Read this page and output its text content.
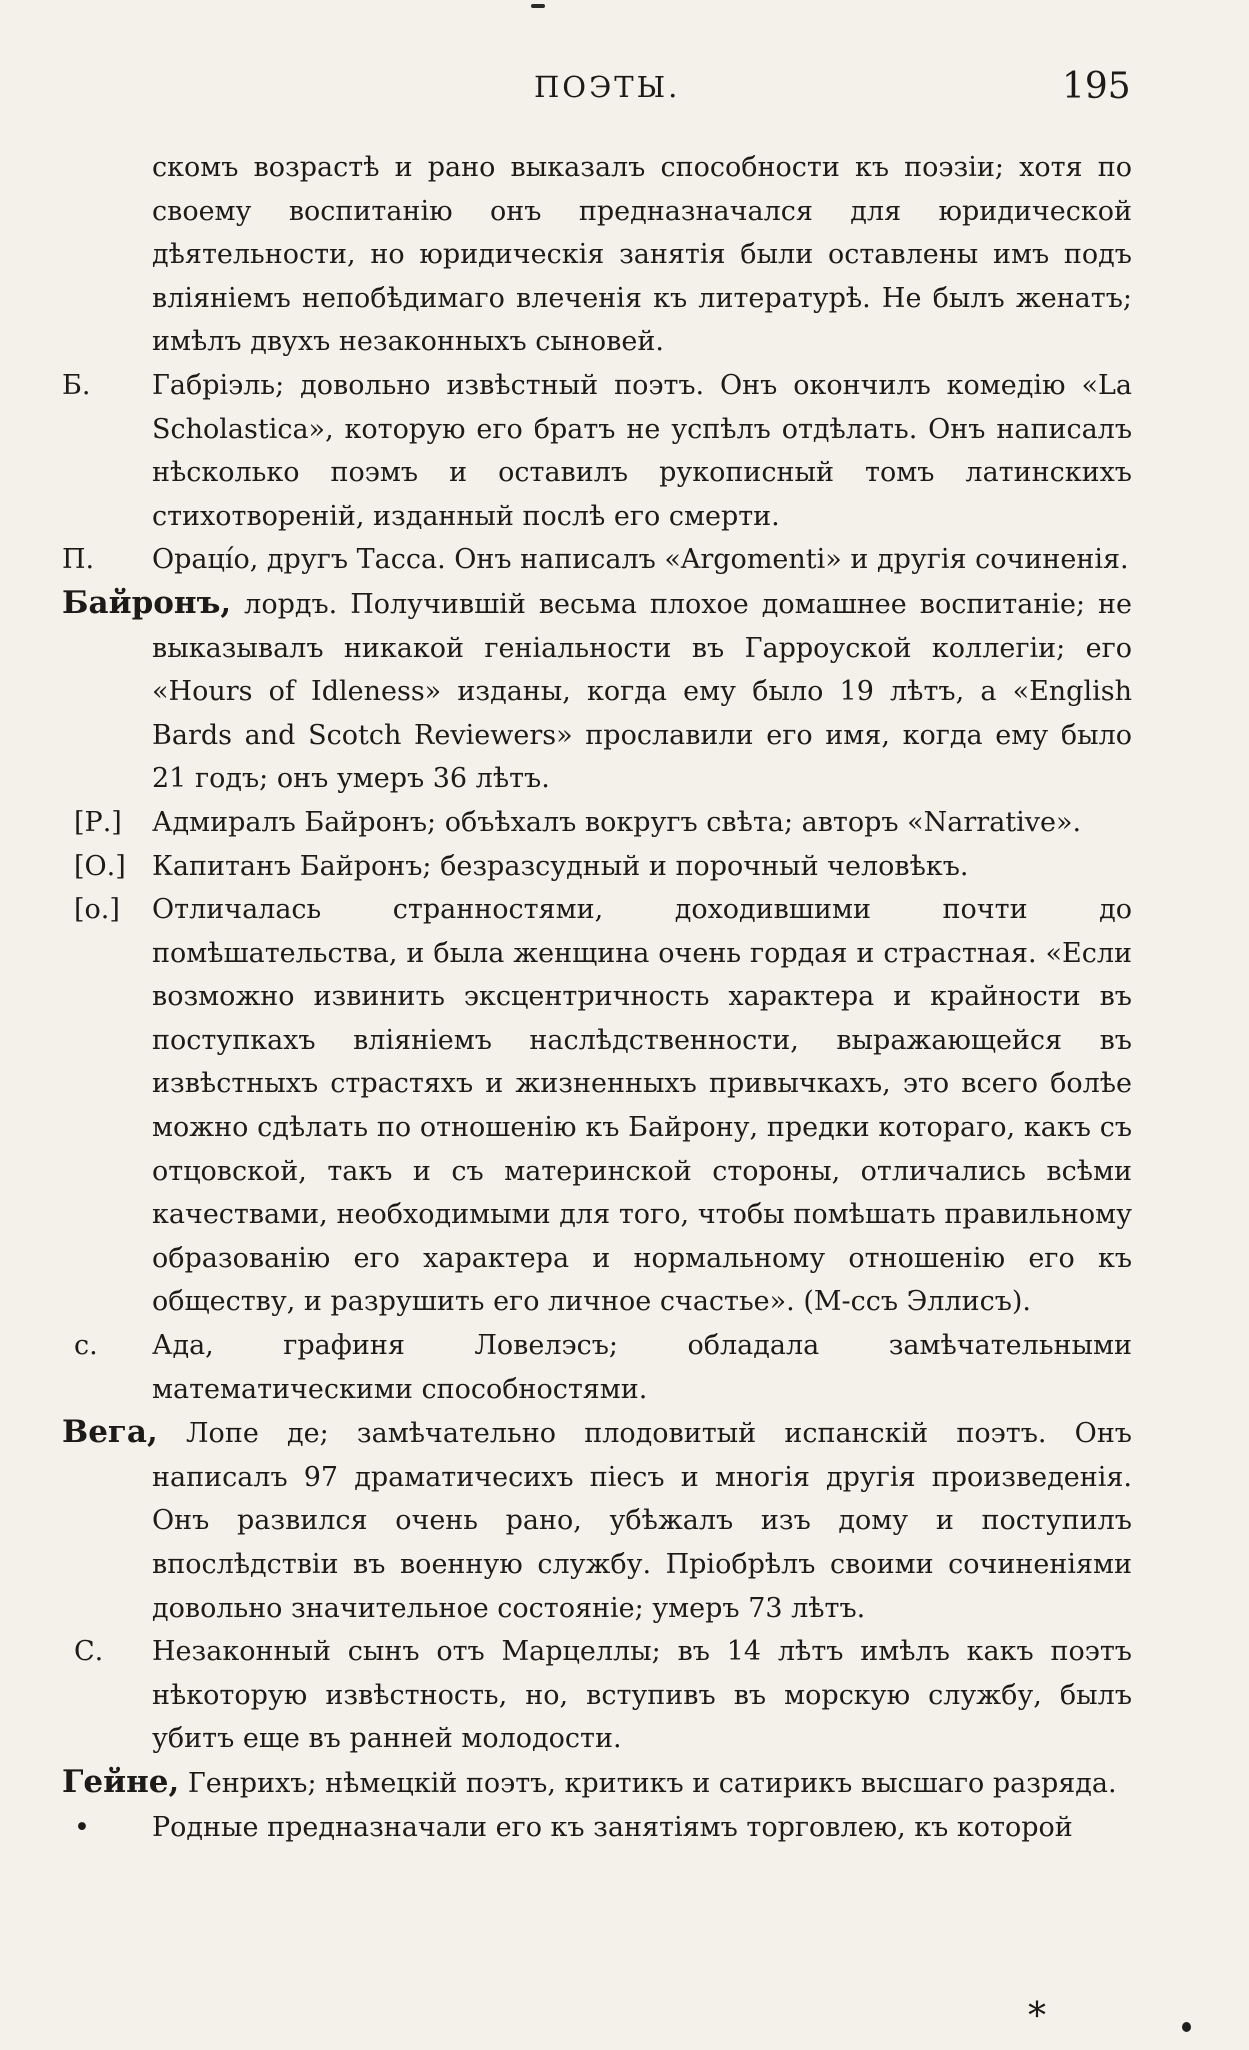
ПОЭТЫ.	195

скомъ возрастѣ и рано выказалъ способности къ поэзіи; хотя по своему воспитанію онъ предназначался для юридической дѣятельности, но юридическія занятія были оставлены имъ подъ вліяніемъ непобѣдимаго влеченія къ литературѣ. Не былъ женатъ; имѣлъ двухъ незаконныхъ сыновей.

Б.	Габріэль; довольно извѣстный поэтъ. Онъ окончилъ комедію «La Scholastica», которую его братъ не успѣлъ отдѣлать. Онъ написалъ нѣсколько поэмъ и оставилъ рукописный томъ латинскихъ стихотвореній, изданный послѣ его смерти.

П.	Орацío, другъ Тасса. Онъ написалъ «Argomenti» и другія сочиненія.

Байронъ, лордъ. Получившій весьма плохое домашнее воспитаніе; не выказывалъ никакой геніальности въ Гарроуской коллегіи; его «Hours of Idleness» изданы, когда ему было 19 лѣтъ, а «English Bards and Scotch Reviewers» прославили его имя, когда ему было 21 годъ; онъ умеръ 36 лѣтъ.

[Р.]	Адмиралъ Байронъ; объѣхалъ вокругъ свѣта; авторъ «Narrative».

[О.] Капитанъ Байронъ; безразсудный и порочный человѣкъ.

[о.]	Отличалась странностями, доходившими почти до помѣшательства, и была женщина очень гордая и страстная. «Если возможно извинить эксцентричность характера и крайности въ поступкахъ вліяніемъ наслѣдственности, выражающейся въ извѣстныхъ страстяхъ и жизненныхъ привычкахъ, это всего болѣе можно сдѣлать по отношенію къ Байрону, предки котораго, какъ съ отцовской, такъ и съ материнской стороны, отличались всѣми качествами, необходимыми для того, чтобы помѣшать правильному образованію его характера и нормальному отношенію его къ обществу, и разрушить его личное счастье». (М-ссъ Эллисъ).

с.	Ада, графиня Ловелэсъ; обладала замѣчательными математическими способностями.

Вега, Лопе де; замѣчательно плодовитый испанскій поэтъ. Онъ написалъ 97 драматичесихъ пiесъ и многія другія произведенія. Онъ развился очень рано, убѣжалъ изъ дому и поступилъ впослѣдствіи въ военную службу. Пріобрѣлъ своими сочиненіями довольно значительное состояніе; умеръ 73 лѣтъ.

С.	Незаконный сынъ отъ Марцеллы; въ 14 лѣтъ имѣлъ какъ поэтъ нѣкоторую извѣстность, но, вступивъ въ морскую службу, былъ убитъ еще въ ранней молодости.

Гейне, Генрихъ; нѣмецкій поэтъ, критикъ и сатирикъ высшаго разряда.

•	Родные предназначали его къ занятіямъ торговлею, къ которой

*
